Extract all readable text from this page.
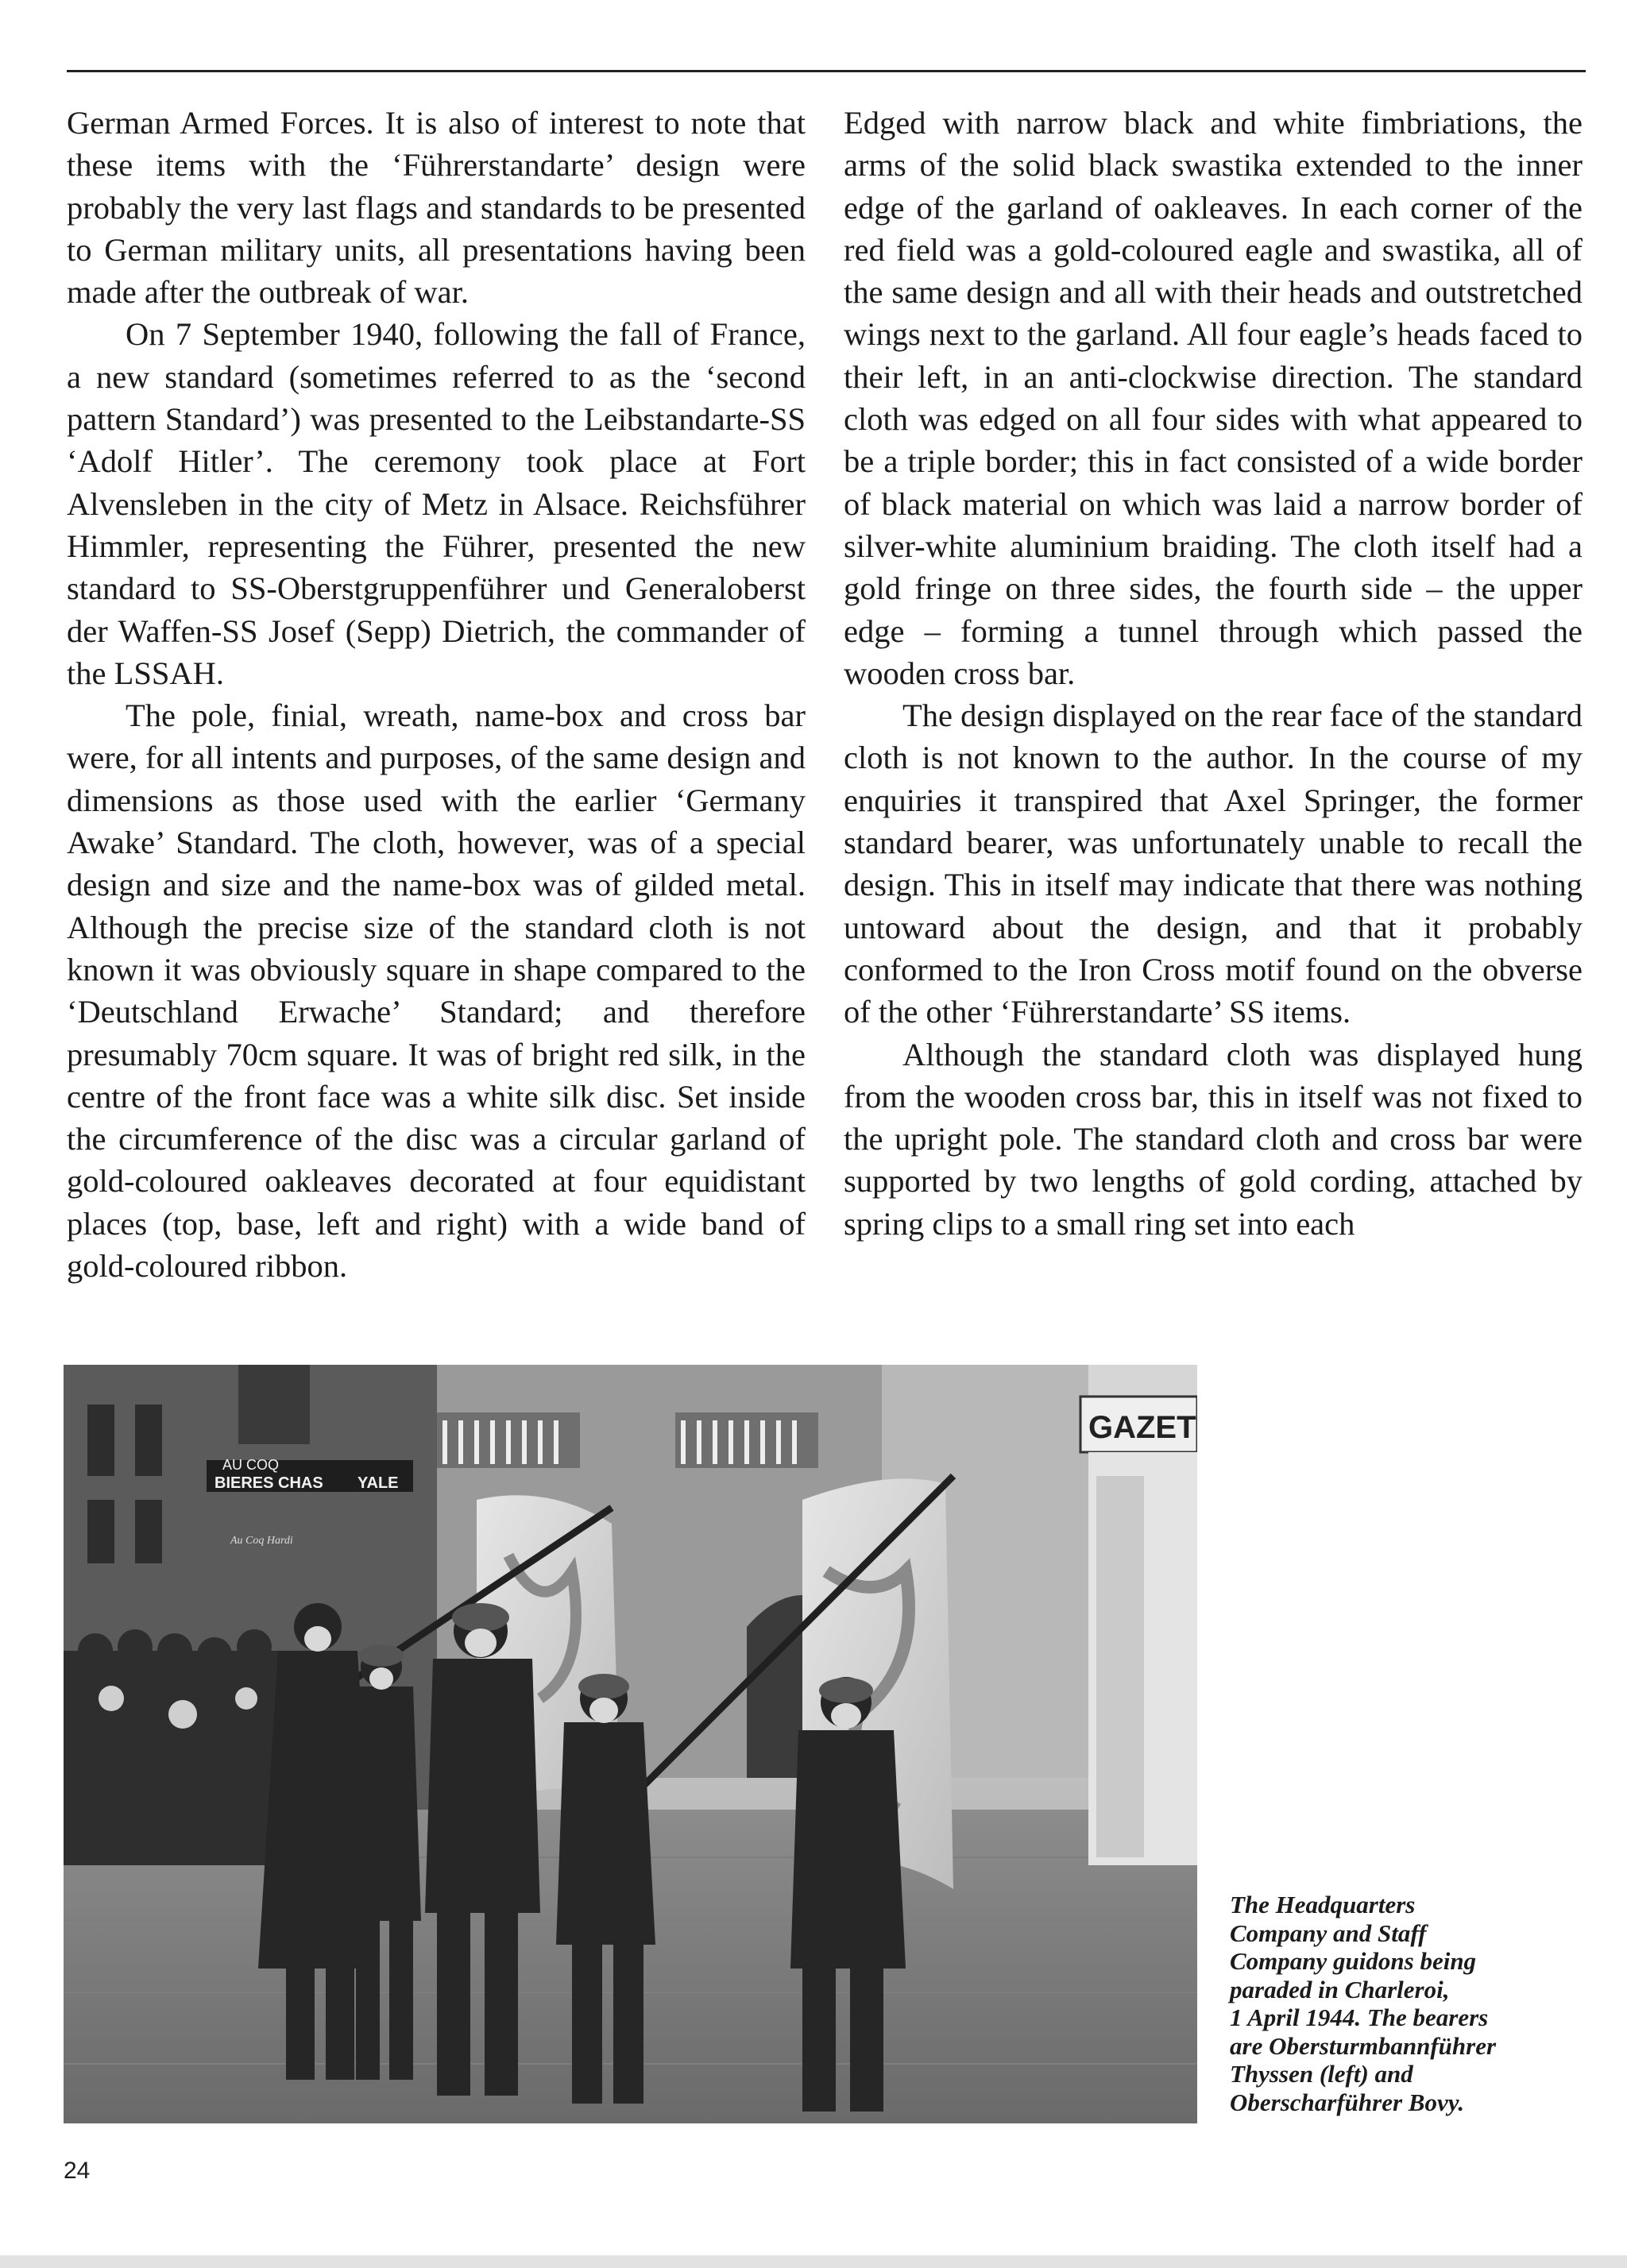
German Armed Forces. It is also of interest to note that these items with the ‘Führerstandarte’ design were probably the very last flags and standards to be presented to German military units, all presentations having been made after the outbreak of war.

On 7 September 1940, following the fall of France, a new standard (sometimes referred to as the ‘second pattern Standard’) was presented to the Leibstandarte-SS ‘Adolf Hitler’. The ceremony took place at Fort Alvensleben in the city of Metz in Alsace. Reichsführer Himmler, representing the Führer, presented the new standard to SS-Oberstgruppenführer und Generaloberst der Waffen-SS Josef (Sepp) Dietrich, the commander of the LSSAH.

The pole, finial, wreath, name-box and cross bar were, for all intents and purposes, of the same design and dimensions as those used with the earlier ‘Germany Awake’ Standard. The cloth, however, was of a special design and size and the name-box was of gilded metal. Although the precise size of the standard cloth is not known it was obviously square in shape compared to the ‘Deutschland Erwache’ Standard; and therefore presumably 70cm square. It was of bright red silk, in the centre of the front face was a white silk disc. Set inside the circumference of the disc was a circular garland of gold-coloured oakleaves decorated at four equidistant places (top, base, left and right) with a wide band of gold-coloured ribbon.

Edged with narrow black and white fimbriations, the arms of the solid black swastika extended to the inner edge of the garland of oakleaves. In each corner of the red field was a gold-coloured eagle and swastika, all of the same design and all with their heads and outstretched wings next to the garland. All four eagle’s heads faced to their left, in an anti-clockwise direction. The standard cloth was edged on all four sides with what appeared to be a triple border; this in fact consisted of a wide border of black material on which was laid a narrow border of silver-white aluminium braiding. The cloth itself had a gold fringe on three sides, the fourth side – the upper edge – forming a tunnel through which passed the wooden cross bar.

The design displayed on the rear face of the standard cloth is not known to the author. In the course of my enquiries it transpired that Axel Springer, the former standard bearer, was unfortunately unable to recall the design. This in itself may indicate that there was nothing untoward about the design, and that it probably conformed to the Iron Cross motif found on the obverse of the other ‘Führerstandarte’ SS items.

Although the standard cloth was displayed hung from the wooden cross bar, this in itself was not fixed to the upright pole. The standard cloth and cross bar were supported by two lengths of gold cording, attached by spring clips to a small ring set into each

AU COQ
BIERES CHAS YALE
GAZET
Au Coq Hardi
The Headquarters
Company and Staff
Company guidons being
paraded in Charleroi,
1 April 1944. The bearers
are Obersturmbannführer
Thyssen (left) and
Oberscharführer Bovy.
24
